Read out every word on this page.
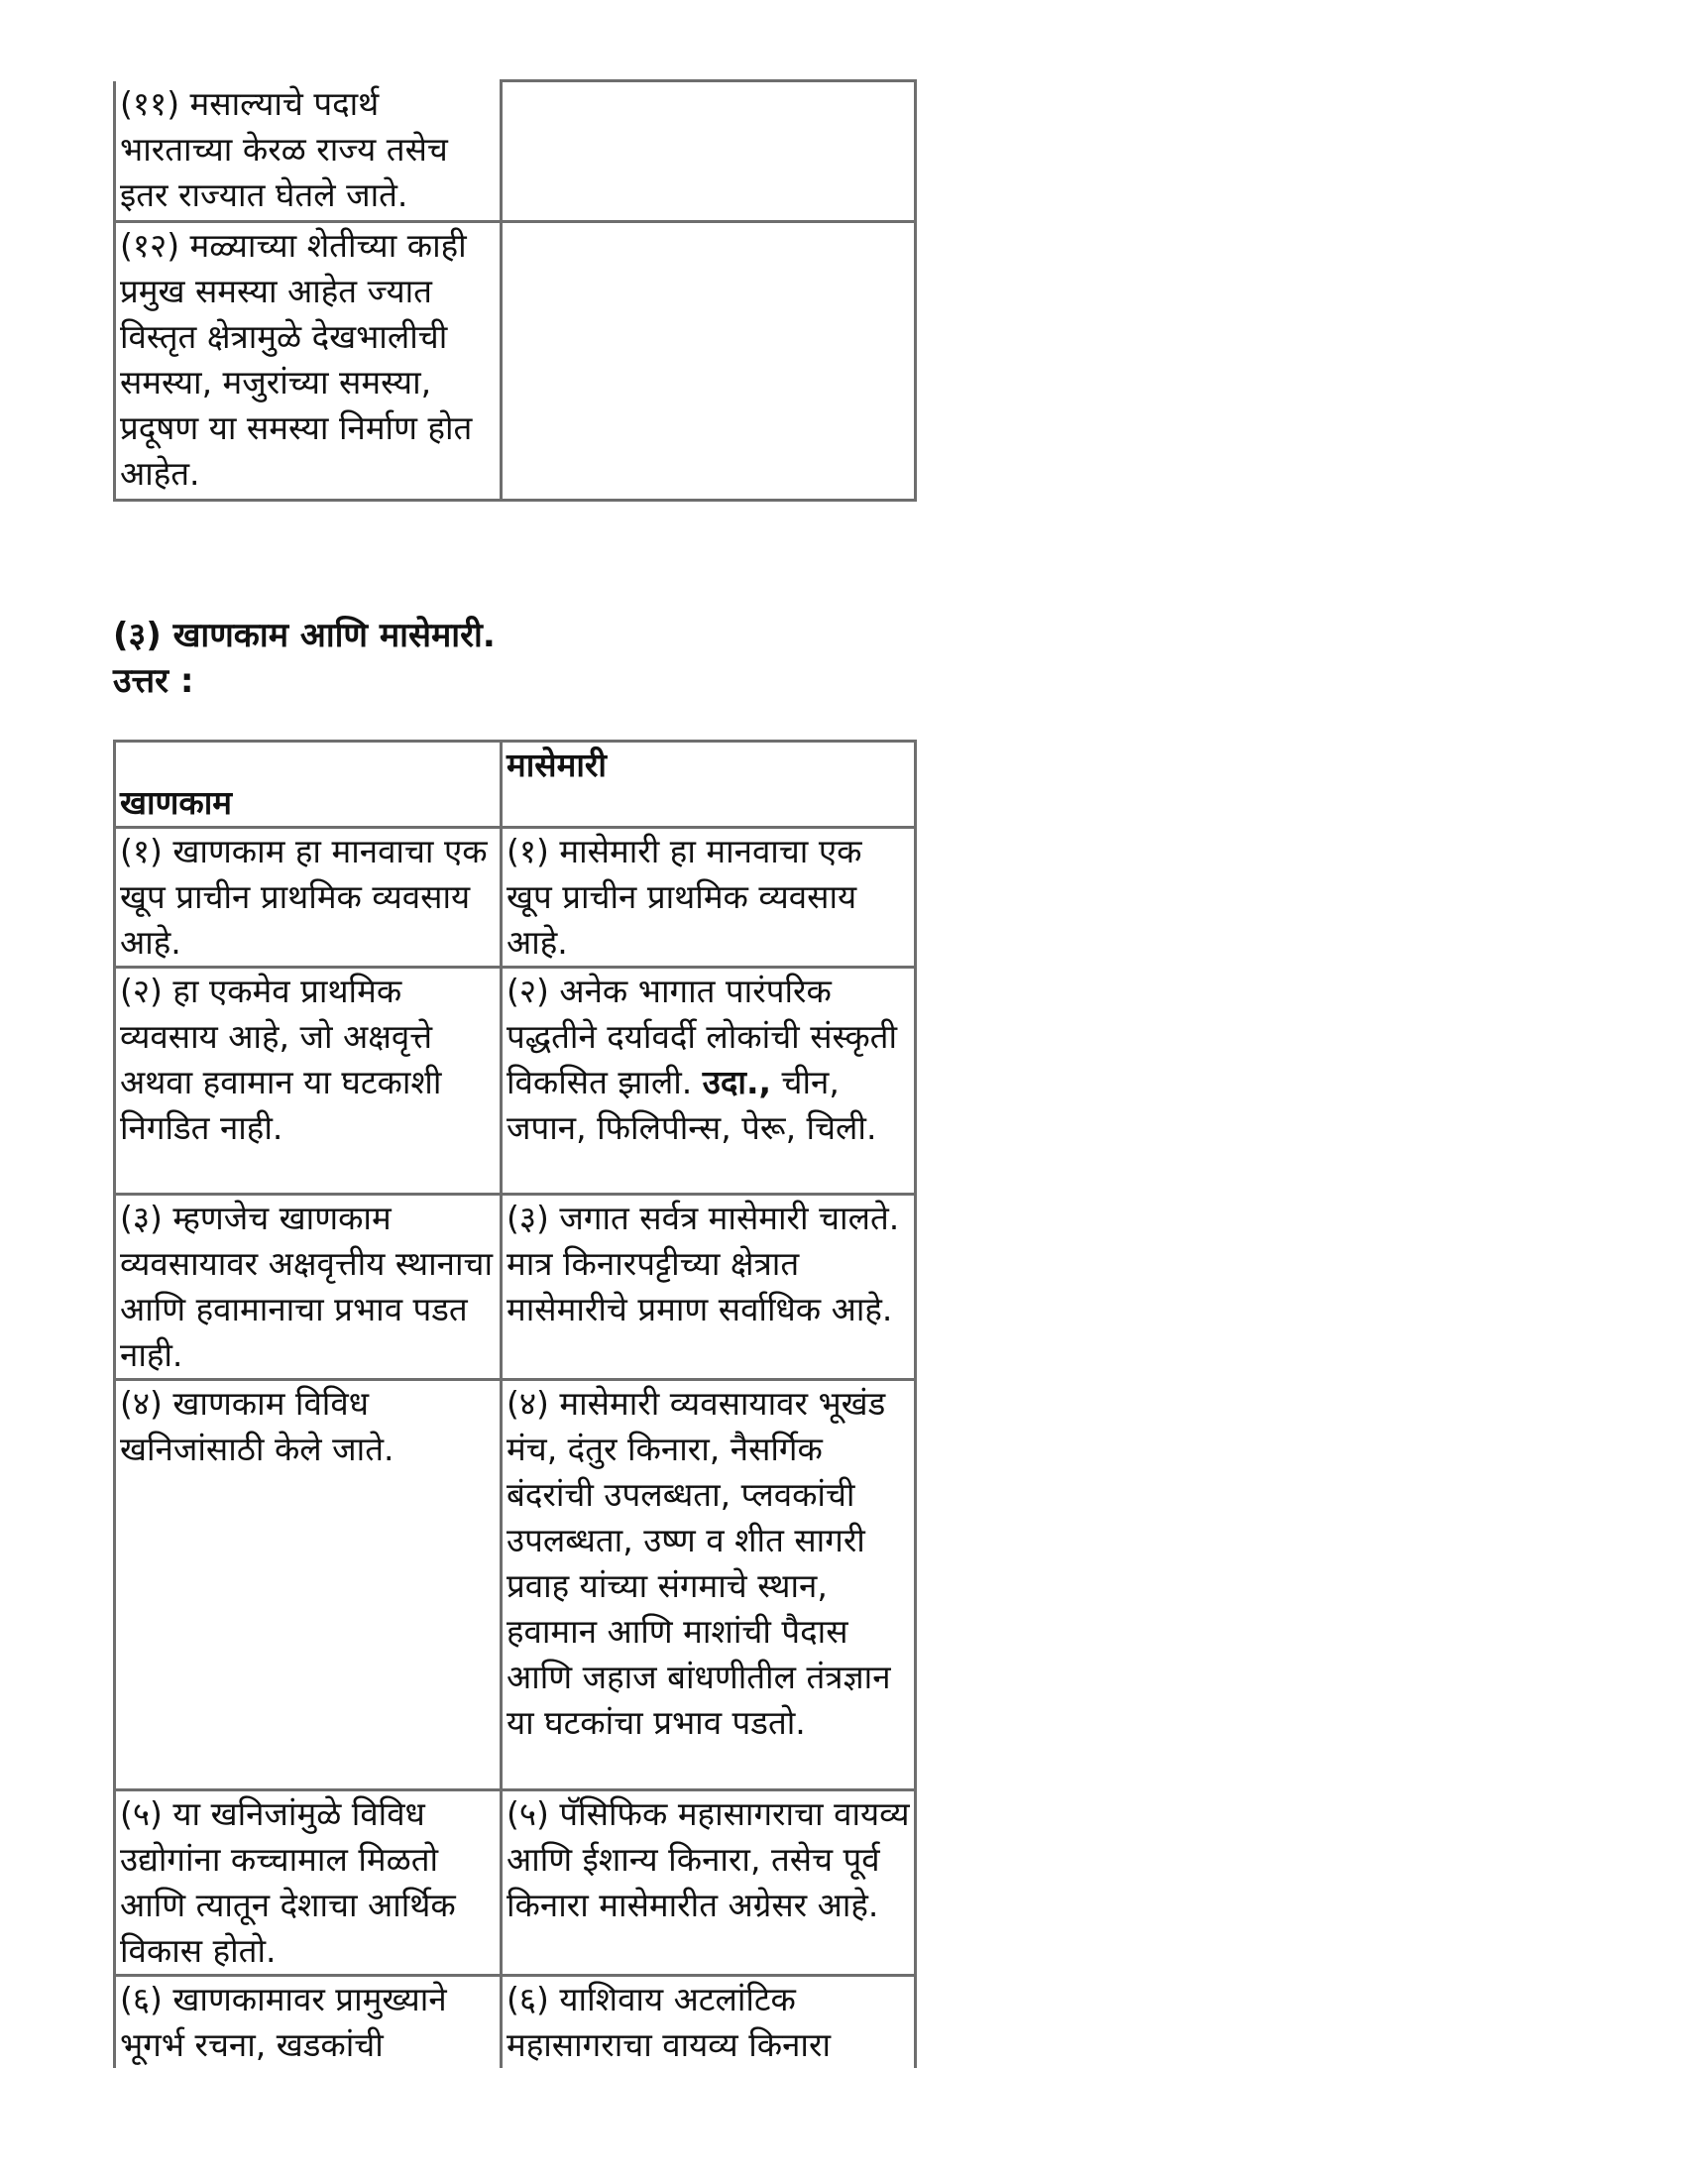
(११) मसाल्याचे पदार्थ भारताच्या केरळ राज्य तसेच इतर राज्यात घेतले जाते.	
(१२) मळ्याच्या शेतीच्या काही प्रमुख समस्या आहेत ज्यात विस्तृत क्षेत्रामुळे देखभालीची समस्या, मजुरांच्या समस्या, प्रदूषण या समस्या निर्माण होत आहेत.	

(३) खाणकाम आणि मासेमारी.

उत्तर :

खाणकाम	मासेमारी
(१) खाणकाम हा मानवाचा एक खूप प्राचीन प्राथमिक व्यवसाय आहे.	(१) मासेमारी हा मानवाचा एक खूप प्राचीन प्राथमिक व्यवसाय आहे.
(२) हा एकमेव प्राथमिक व्यवसाय आहे, जो अक्षवृत्ते अथवा हवामान या घटकाशी निगडित नाही.	(२) अनेक भागात पारंपरिक पद्धतीने दर्यावर्दी लोकांची संस्कृती विकसित झाली. उदा., चीन, जपान, फिलिपीन्स, पेरू, चिली.
(३) म्हणजेच खाणकाम व्यवसायावर अक्षवृत्तीय स्थानाचा आणि हवामानाचा प्रभाव पडत नाही.	(३) जगात सर्वत्र मासेमारी चालते. मात्र किनारपट्टीच्या क्षेत्रात मासेमारीचे प्रमाण सर्वाधिक आहे.
(४) खाणकाम विविध खनिजांसाठी केले जाते.	(४) मासेमारी व्यवसायावर भूखंड मंच, दंतुर किनारा, नैसर्गिक बंदरांची उपलब्धता, प्लवकांची उपलब्धता, उष्ण व शीत सागरी प्रवाह यांच्या संगमाचे स्थान, हवामान आणि माशांची पैदास आणि जहाज बांधणीतील तंत्रज्ञान या घटकांचा प्रभाव पडतो.
(५) या खनिजांमुळे विविध उद्योगांना कच्चामाल मिळतो आणि त्यातून देशाचा आर्थिक विकास होतो.	(५) पॅसिफिक महासागराचा वायव्य आणि ईशान्य किनारा, तसेच पूर्व किनारा मासेमारीत अग्रेसर आहे.
(६) खाणकामावर प्रामुख्याने भूगर्भ रचना, खडकांची	(६) याशिवाय अटलांटिक महासागराचा वायव्य किनारा
